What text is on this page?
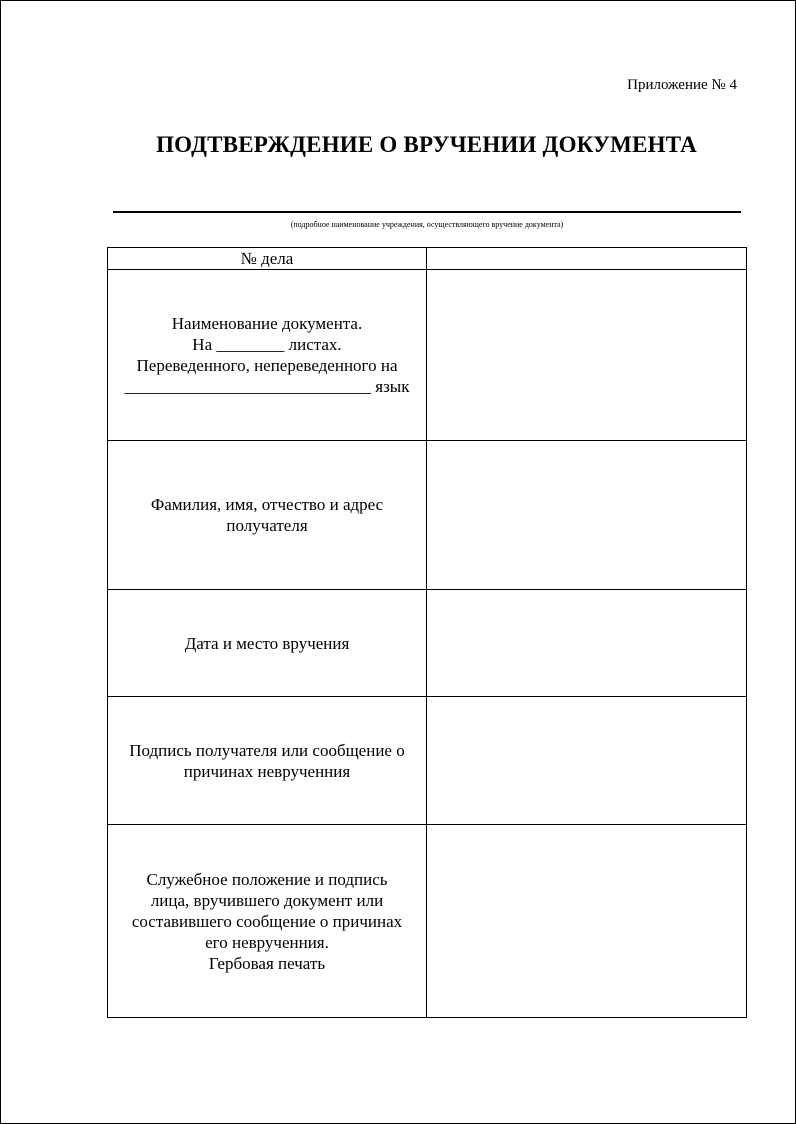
Приложение № 4
ПОДТВЕРЖДЕНИЕ О ВРУЧЕНИИ ДОКУМЕНТА
(подробное наименование учреждения, осуществляющего вручение документа)
№ дела	

Наименование документа.
На ________ листах.
Переведенного, непереведенного на
_____________________________ язык	

Фамилия, имя, отчество и адрес
получателя	

Дата и место вручения	

Подпись получателя или сообщение о
причинах неврученния	

Служебное положение и подпись
лица, вручившего документ или
составившего сообщение о причинах
его неврученния.
Гербовая печать	
